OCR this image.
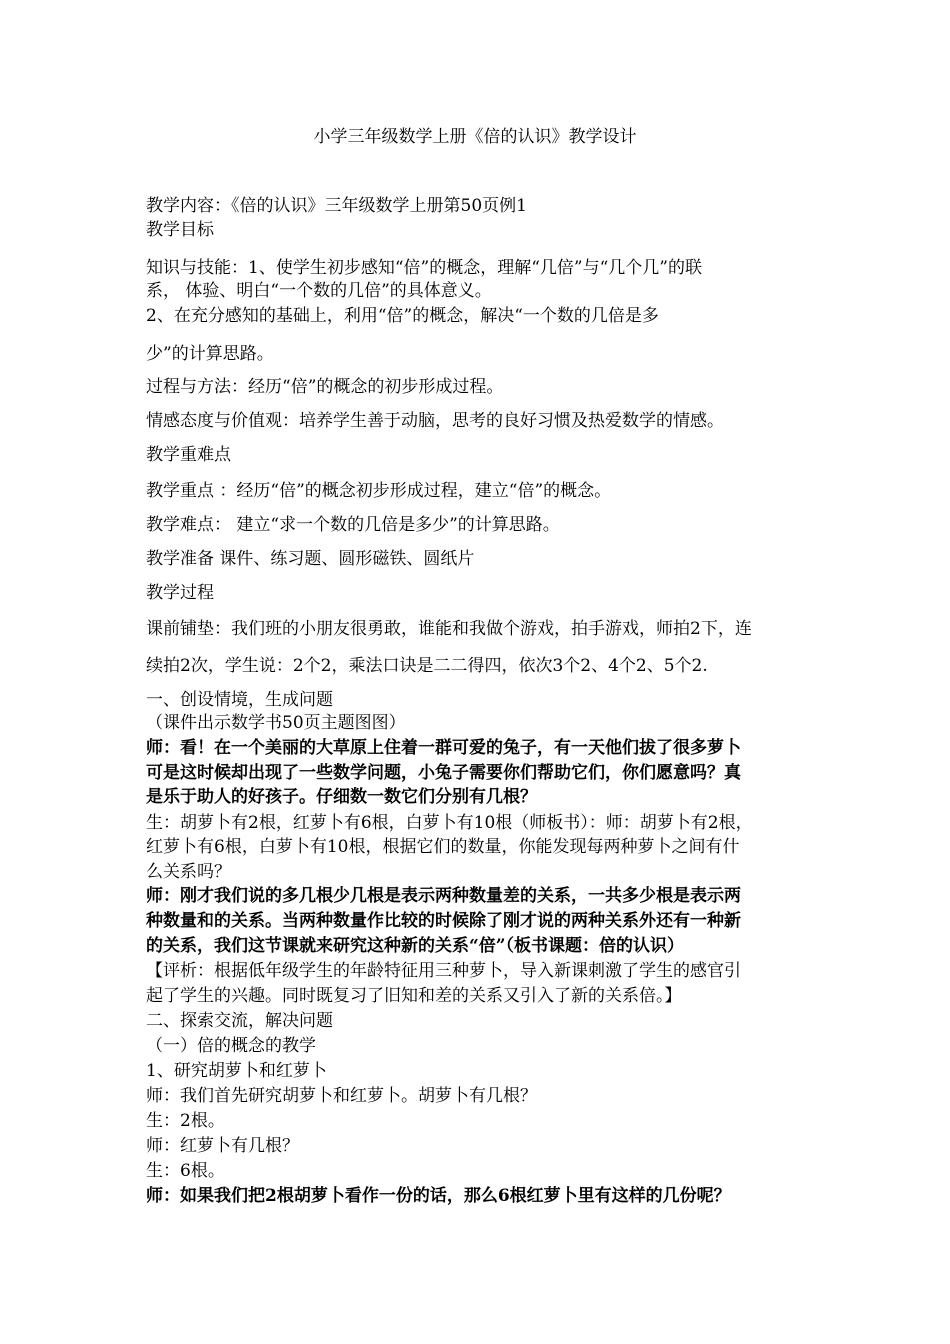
小学三年级数学上册《倍的认识》教学设计
教学内容：《倍的认识》三年级数学上册第50页例1
教学目标
知识与技能：1、使学生初步感知“倍”的概念，理解“几倍”与“几个几”的联
系， 体验、明白“一个数的几倍”的具体意义。
2、在充分感知的基础上，利用“倍”的概念，解决“一个数的几倍是多
少”的计算思路。
过程与方法：经历“倍”的概念的初步形成过程。
情感态度与价值观：培养学生善于动脑，思考的良好习惯及热爱数学的情感。
教学重难点
教学重点 ：经历“倍”的概念初步形成过程，建立“倍”的概念。
教学难点： 建立“求一个数的几倍是多少”的计算思路。
教学准备 课件、练习题、圆形磁铁、圆纸片
教学过程
课前铺垫：我们班的小朋友很勇敢，谁能和我做个游戏，拍手游戏，师拍2下，连
续拍2次，学生说：2个2，乘法口诀是二二得四，依次3个2、4个2、5个2.
一、创设情境，生成问题
（课件出示数学书50页主题图图）
师：看！在一个美丽的大草原上住着一群可爱的兔子，有一天他们拔了很多萝卜
可是这时候却出现了一些数学问题，小兔子需要你们帮助它们，你们愿意吗？真
是乐于助人的好孩子。仔细数一数它们分别有几根？
生：胡萝卜有2根，红萝卜有6根，白萝卜有10根（师板书）：师：胡萝卜有2根，
红萝卜有6根，白萝卜有10根，根据它们的数量，你能发现每两种萝卜之间有什
么关系吗？
师：刚才我们说的多几根少几根是表示两种数量差的关系，一共多少根是表示两
种数量和的关系。当两种数量作比较的时候除了刚才说的两种关系外还有一种新
的关系，我们这节课就来研究这种新的关系“倍”（板书课题：倍的认识）
【评析：根据低年级学生的年龄特征用三种萝卜，导入新课刺激了学生的感官引
起了学生的兴趣。同时既复习了旧知和差的关系又引入了新的关系倍。】
二、探索交流，解决问题
（一）倍的概念的教学
1、研究胡萝卜和红萝卜
师：我们首先研究胡萝卜和红萝卜。胡萝卜有几根？
生：2根。
师：红萝卜有几根？
生：6根。
师：如果我们把2根胡萝卜看作一份的话，那么6根红萝卜里有这样的几份呢？
